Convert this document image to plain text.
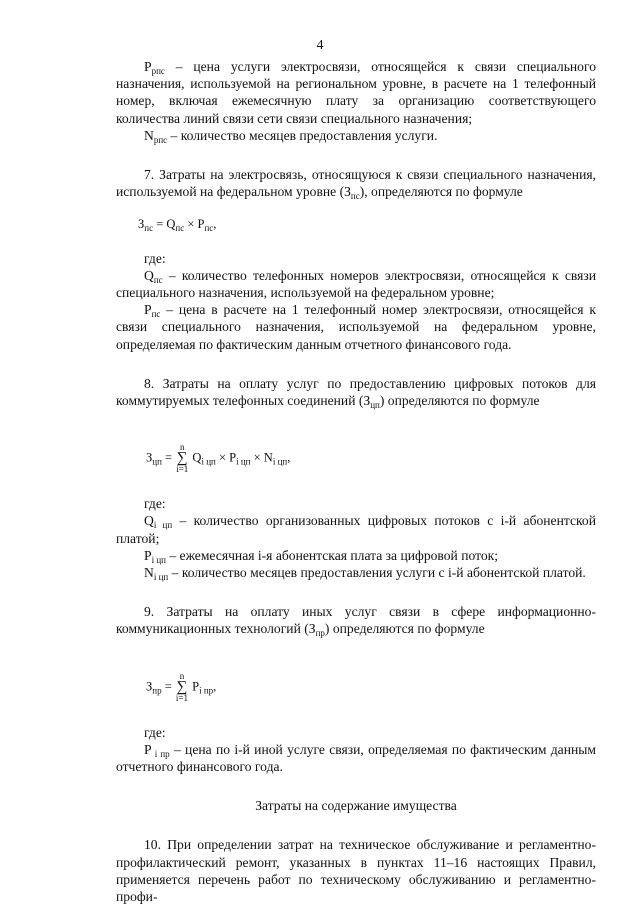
4

$Р_{рпс}$ – цена услуги электросвязи, относящейся к связи специального назначения, используемой на региональном уровне, в расчете на 1 телефонный номер, включая ежемесячную плату за организацию соответствующего количества линий связи сети связи специального назначения;

$N_{рпс}$ – количество месяцев предоставления услуги.

7. Затраты на электросвязь, относящуюся к связи специального назначения, используемой на федеральном уровне $(З_{пс})$, определяются по формуле

$З_{пс} = Q_{пс} \times Р_{пс}$,

где:

$Q_{пс}$ – количество телефонных номеров электросвязи, относящейся к связи специального назначения, используемой на федеральном уровне;

$Р_{пс}$ – цена в расчете на 1 телефонный номер электросвязи, относящейся к связи специального назначения, используемой на федеральном уровне, определяемая по фактическим данным отчетного финансового года.

8. Затраты на оплату услуг по предоставлению цифровых потоков для коммутируемых телефонных соединений $(З_{цп})$ определяются по формуле

$З_{цп}$ =
n
∑
i=1
$Q_{i цп} \times P_{i цп} \times N_{i цп}$,

где:

$Q_{i цп}$ – количество организованных цифровых потоков с i-й абонентской платой;

$P_{i цп}$ – ежемесячная i-я абонентская плата за цифровой поток;

$N_{i цп}$ – количество месяцев предоставления услуги с i-й абонентской платой.

9. Затраты на оплату иных услуг связи в сфере информационно-коммуникационных технологий $(З_{пр})$ определяются по формуле

$З_{пр}$ =
n
∑
i=1
$P_{i пр}$,

где:

P $_{i пр}$ – цена по i-й иной услуге связи, определяемая по фактическим данным отчетного финансового года.

Затраты на содержание имущества

10. При определении затрат на техническое обслуживание и регламентно-профилактический ремонт, указанных в пунктах 11–16 настоящих Правил, применяется перечень работ по техническому обслуживанию и регламентно-профи-
